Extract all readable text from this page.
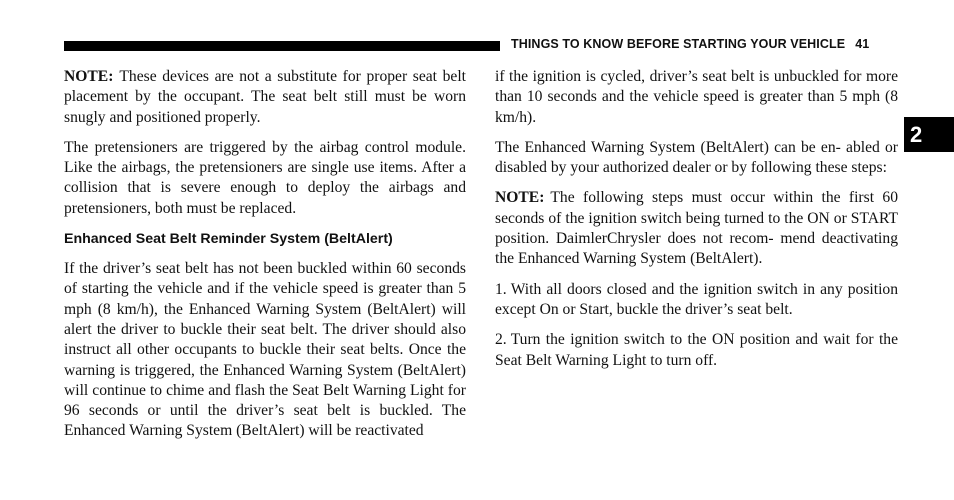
THINGS TO KNOW BEFORE STARTING YOUR VEHICLE 41
2

NOTE: These devices are not a substitute for proper seat belt placement by the occupant. The seat belt still must be worn snugly and positioned properly.

The pretensioners are triggered by the airbag control module. Like the airbags, the pretensioners are single use items. After a collision that is severe enough to deploy the airbags and pretensioners, both must be replaced.

Enhanced Seat Belt Reminder System (BeltAlert)

If the driver’s seat belt has not been buckled within 60 seconds of starting the vehicle and if the vehicle speed is greater than 5 mph (8 km/h), the Enhanced Warning System (BeltAlert) will alert the driver to buckle their seat belt. The driver should also instruct all other occupants to buckle their seat belts. Once the warning is triggered, the Enhanced Warning System (BeltAlert) will continue to chime and flash the Seat Belt Warning Light for 96 seconds or until the driver’s seat belt is buckled. The Enhanced Warning System (BeltAlert) will be reactivated

if the ignition is cycled, driver’s seat belt is unbuckled for more than 10 seconds and the vehicle speed is greater than 5 mph (8 km/h).

The Enhanced Warning System (BeltAlert) can be en- abled or disabled by your authorized dealer or by following these steps:

NOTE: The following steps must occur within the first 60 seconds of the ignition switch being turned to the ON or START position. DaimlerChrysler does not recom- mend deactivating the Enhanced Warning System (BeltAlert).

1. With all doors closed and the ignition switch in any position except On or Start, buckle the driver’s seat belt.

2. Turn the ignition switch to the ON position and wait for the Seat Belt Warning Light to turn off.
